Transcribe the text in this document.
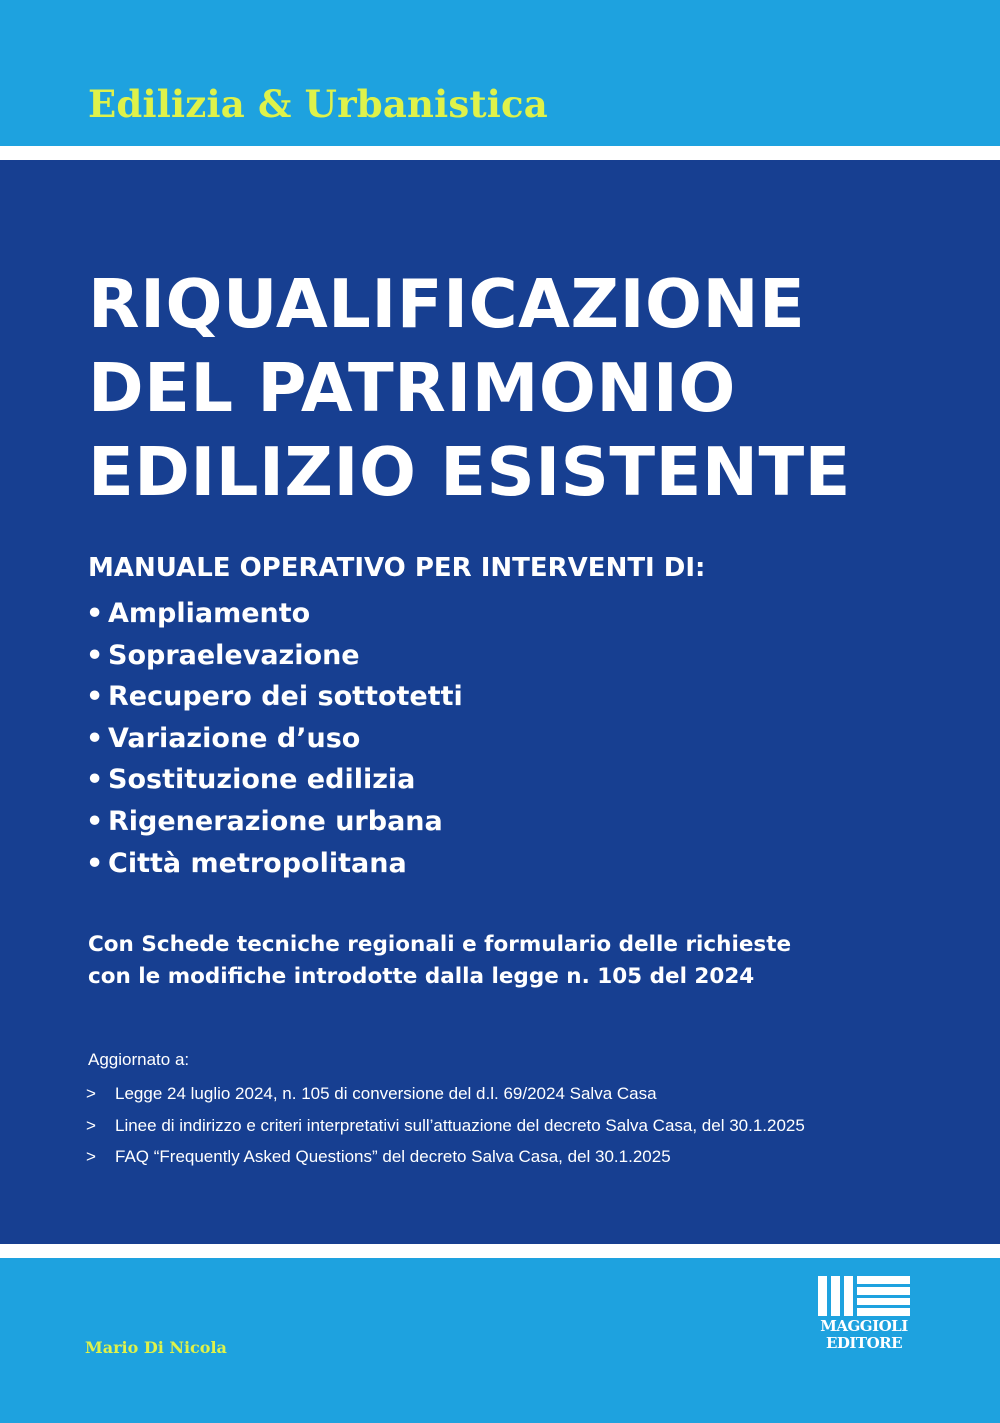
Edilizia & Urbanistica
RIQUALIFICAZIONE
DEL PATRIMONIO
EDILIZIO ESISTENTE

MANUALE OPERATIVO PER INTERVENTI DI:

• Ampliamento
• Sopraelevazione
• Recupero dei sottotetti
• Variazione d’uso
• Sostituzione edilizia
• Rigenerazione urbana
• Città metropolitana

Con Schede tecniche regionali e formulario delle richieste
con le modifiche introdotte dalla legge n. 105 del 2024

Aggiornato a:

> Legge 24 luglio 2024, n. 105 di conversione del d.l. 69/2024 Salva Casa
> Linee di indirizzo e criteri interpretativi sull’attuazione del decreto Salva Casa, del 30.1.2025
> FAQ “Frequently Asked Questions” del decreto Salva Casa, del 30.1.2025

Mario Di Nicola

MAGGIOLI
EDITORE
